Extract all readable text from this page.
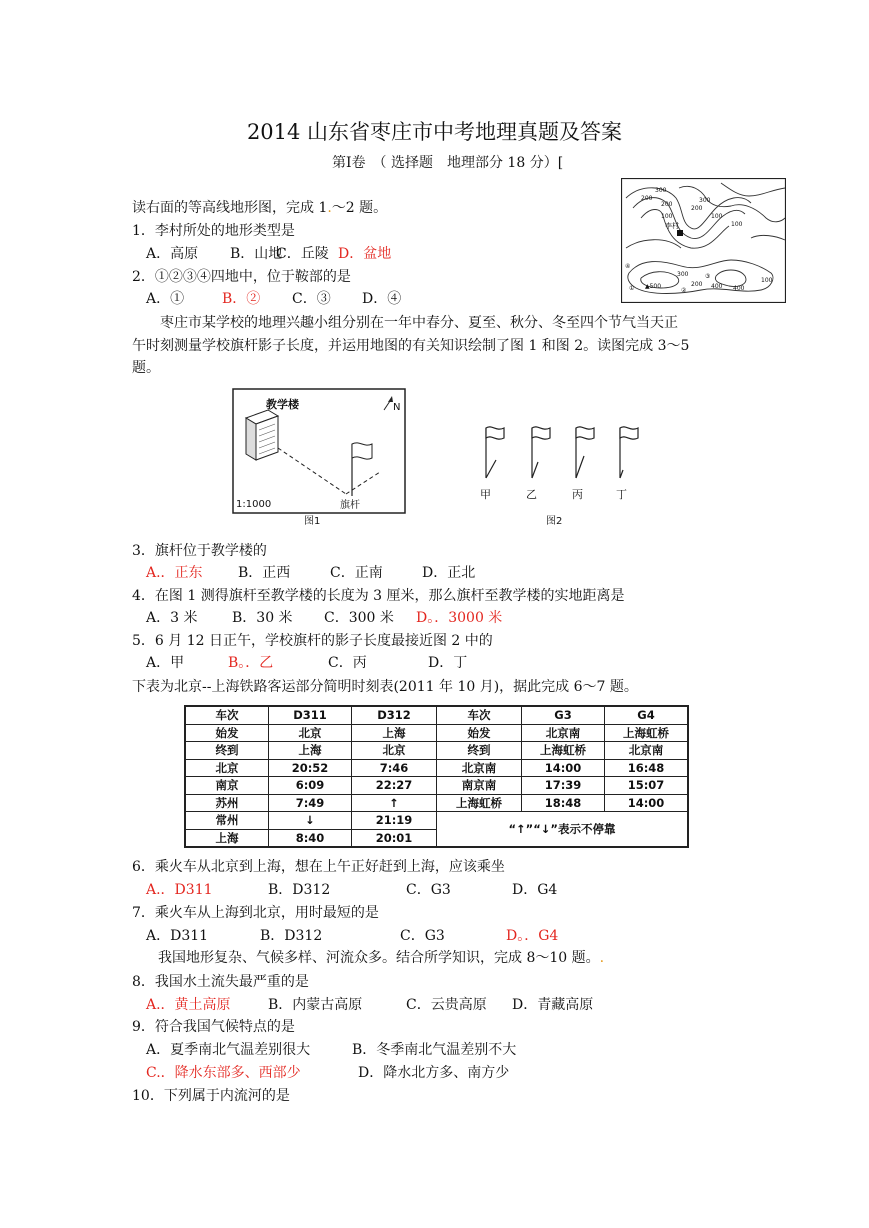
2014 山东省枣庄市中考地理真题及答案
第Ⅰ卷　（ 选择题　地理部分 18 分）[
300
200
200
300
200
100
100
100
① ▲500
②
③
400 400
100
300
200
④
李村
读右面的等高线地形图，完成 1.～2 题。
1．李村所处的地形类型是
A．高原 B．山地C．丘陵 D．盆地
2．①②③④四地中，位于鞍部的是
A．①	B．② C．③ D．④
枣庄市某学校的地理兴趣小组分别在一年中春分、夏至、秋分、冬至四个节气当天正
午时刻测量学校旗杆影子长度，并运用地图的有关知识绘制了图 1 和图 2。读图完成 3～5
题。
N
教学楼
1:1000	旗杆
图1
甲	乙	丙	丁
图2
3．旗杆位于教学楼的
A.．正东	B．正西	C．正南	D．正北
4．在图 1 测得旗杆至教学楼的长度为 3 厘米，那么旗杆至教学楼的实地距离是
A．3 米 B．30 米 C．300 米 D。．3000 米
5．6 月 12 日正午，学校旗杆的影子长度最接近图 2 中的
A．甲	B。．乙	C．丙	D．丁
下表为北京--上海铁路客运部分简明时刻表(2011 年 10 月)，据此完成 6～7 题。
车次	D311	D312	车次	G3	G4
始发	北京	上海	始发	北京南	上海虹桥
终到	上海	北京	终到	上海虹桥	北京南
北京	20:52	7:46	北京南	14:00	16:48
南京	6:09	22:27	南京南	17:39	15:07
苏州	7:49	↑	上海虹桥	18:48	14:00
常州	↓	21:19	“↑”“↓”表示不停靠		
上海	8:40	20:01			
6．乘火车从北京到上海，想在上午正好赶到上海，应该乘坐
A.．D311	B．D312	C．G3	D．G4
7．乘火车从上海到北京，用时最短的是
A．D311	B．D312	C．G3	D。．G4
我国地形复杂、气候多样、河流众多。结合所学知识，完成 8～10 题。.
8．我国水土流失最严重的是
A.．黄土高原	B．内蒙古高原	C．云贵高原 D．青藏高原
9．符合我国气候特点的是
A．夏季南北气温差别很大	B．冬季南北气温差别不大
C.．降水东部多、西部少	D．降水北方多、南方少
10．下列属于内流河的是
